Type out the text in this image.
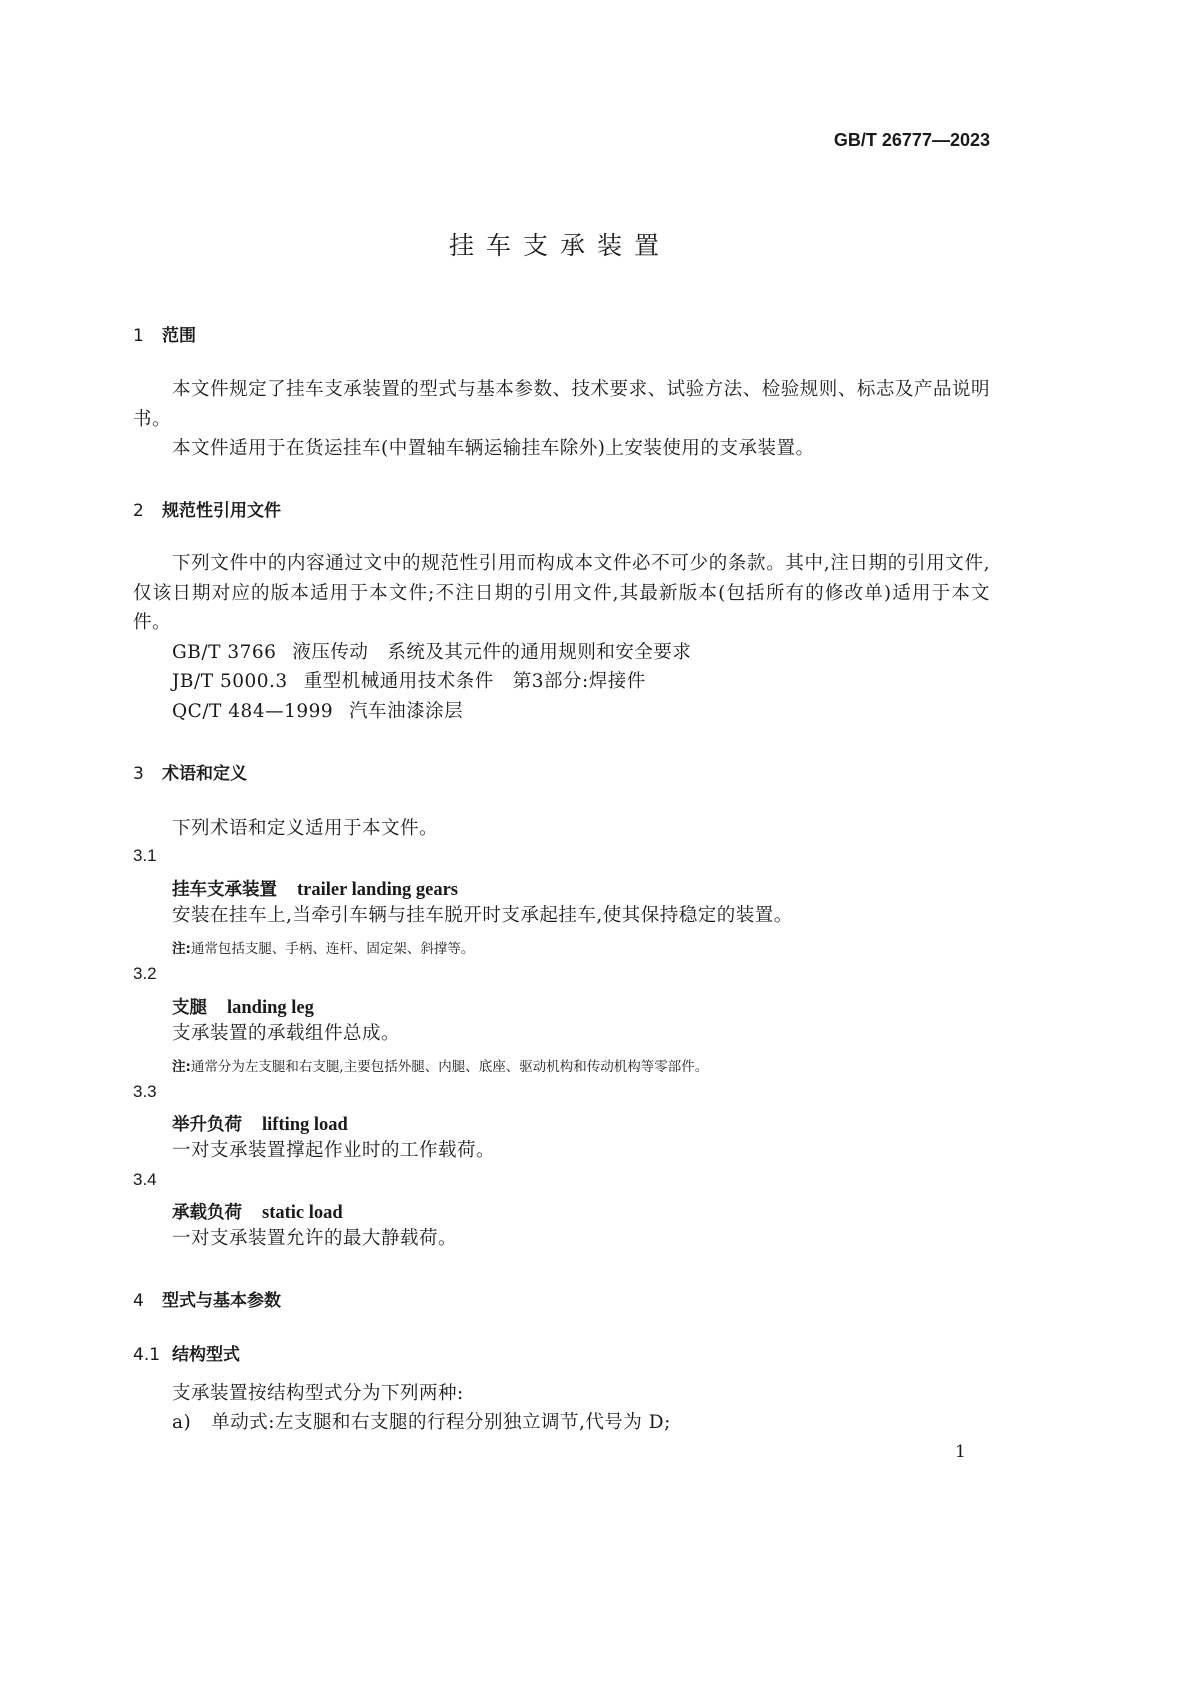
GB/T 26777—2023
挂车支承装置
1 范围
本文件规定了挂车支承装置的型式与基本参数、技术要求、试验方法、检验规则、标志及产品说明书。
本文件适用于在货运挂车(中置轴车辆运输挂车除外)上安装使用的支承装置。
2 规范性引用文件
下列文件中的内容通过文中的规范性引用而构成本文件必不可少的条款。其中,注日期的引用文件,仅该日期对应的版本适用于本文件;不注日期的引用文件,其最新版本(包括所有的修改单)适用于本文件。
GB/T 3766 液压传动　系统及其元件的通用规则和安全要求
JB/T 5000.3 重型机械通用技术条件　第3部分:焊接件
QC/T 484—1999 汽车油漆涂层
3 术语和定义
下列术语和定义适用于本文件。
3.1
挂车支承装置 trailer landing gears
安装在挂车上,当牵引车辆与挂车脱开时支承起挂车,使其保持稳定的装置。
注:通常包括支腿、手柄、连杆、固定架、斜撑等。
3.2
支腿 landing leg
支承装置的承载组件总成。
注:通常分为左支腿和右支腿,主要包括外腿、内腿、底座、驱动机构和传动机构等零部件。
3.3
举升负荷 lifting load
一对支承装置撑起作业时的工作载荷。
3.4
承载负荷 static load
一对支承装置允许的最大静载荷。
4 型式与基本参数
4.1 结构型式
支承装置按结构型式分为下列两种:
a) 单动式:左支腿和右支腿的行程分别独立调节,代号为 D;
1
